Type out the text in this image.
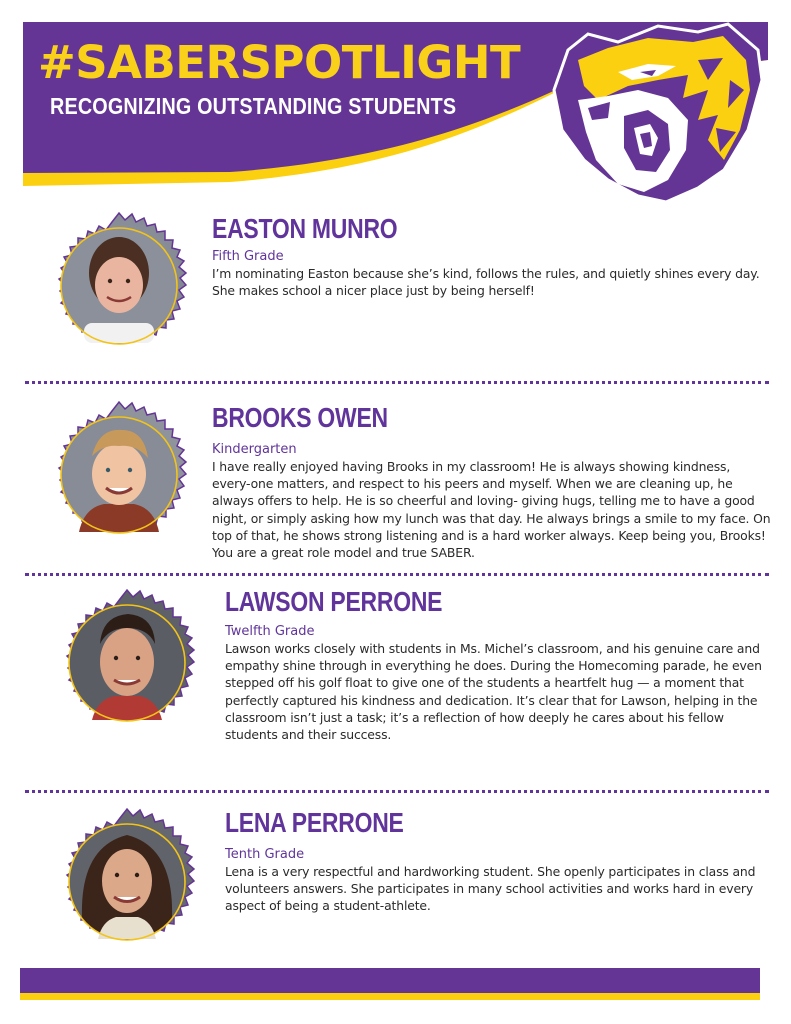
#SABERSPOTLIGHT
RECOGNIZING OUTSTANDING STUDENTS
EASTON MUNRO

Fifth Grade

I’m nominating Easton because she’s kind, follows the rules, and quietly shines every day. She makes school a nicer place just by being herself!

BROOKS OWEN

Kindergarten

I have really enjoyed having Brooks in my classroom! He is always showing kindness, every-one matters, and respect to his peers and myself. When we are cleaning up, he always offers to help. He is so cheerful and loving- giving hugs, telling me to have a good night, or simply asking how my lunch was that day. He always brings a smile to my face. On top of that, he shows strong listening and is a hard worker always. Keep being you, Brooks! You are a great role model and true SABER.

LAWSON PERRONE

Twelfth Grade

Lawson works closely with students in Ms. Michel’s classroom, and his genuine care and empathy shine through in everything he does. During the Homecoming parade, he even stepped off his golf float to give one of the students a heartfelt hug — a moment that perfectly captured his kindness and dedication. It’s clear that for Lawson, helping in the classroom isn’t just a task; it’s a reflection of how deeply he cares about his fellow students and their success.

LENA PERRONE

Tenth Grade

Lena is a very respectful and hardworking student. She openly participates in class and volunteers answers. She participates in many school activities and works hard in every aspect of being a student-athlete.
